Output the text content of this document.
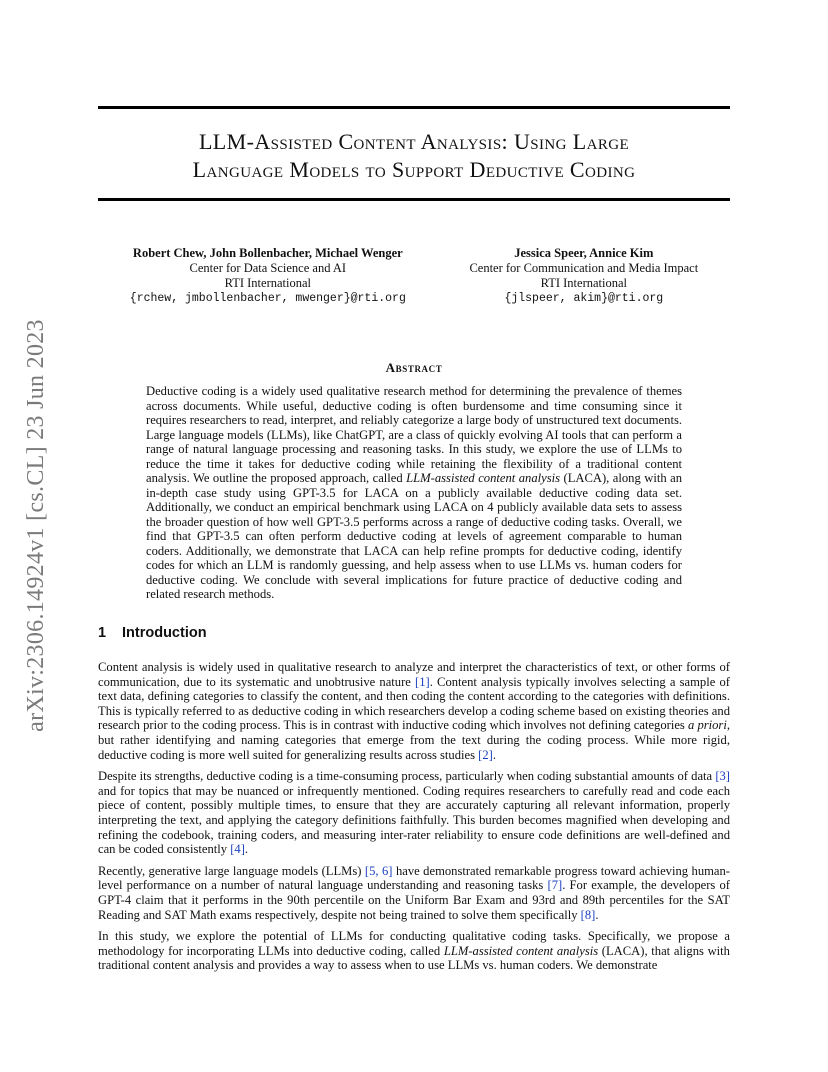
arXiv:2306.14924v1 [cs.CL] 23 Jun 2023
LLM-Assisted Content Analysis: Using Large
Language Models to Support Deductive Coding
Robert Chew, John Bollenbacher, Michael Wenger
Center for Data Science and AI
RTI International
{rchew, jmbollenbacher, mwenger}@rti.org
Jessica Speer, Annice Kim
Center for Communication and Media Impact
RTI International
{jlspeer, akim}@rti.org
Abstract

Deductive coding is a widely used qualitative research method for determining the prevalence of themes across documents. While useful, deductive coding is often burdensome and time consuming since it requires researchers to read, interpret, and reliably categorize a large body of unstructured text documents. Large language models (LLMs), like ChatGPT, are a class of quickly evolving AI tools that can perform a range of natural language processing and reasoning tasks. In this study, we explore the use of LLMs to reduce the time it takes for deductive coding while retaining the flexibility of a traditional content analysis. We outline the proposed approach, called LLM-assisted content analysis (LACA), along with an in-depth case study using GPT-3.5 for LACA on a publicly available deductive coding data set. Additionally, we conduct an empirical benchmark using LACA on 4 publicly available data sets to assess the broader question of how well GPT-3.5 performs across a range of deductive coding tasks. Overall, we find that GPT-3.5 can often perform deductive coding at levels of agreement comparable to human coders. Additionally, we demonstrate that LACA can help refine prompts for deductive coding, identify codes for which an LLM is randomly guessing, and help assess when to use LLMs vs. human coders for deductive coding. We conclude with several implications for future practice of deductive coding and related research methods.

1 Introduction

Content analysis is widely used in qualitative research to analyze and interpret the characteristics of text, or other forms of communication, due to its systematic and unobtrusive nature [1]. Content analysis typically involves selecting a sample of text data, defining categories to classify the content, and then coding the content according to the categories with definitions. This is typically referred to as deductive coding in which researchers develop a coding scheme based on existing theories and research prior to the coding process. This is in contrast with inductive coding which involves not defining categories a priori, but rather identifying and naming categories that emerge from the text during the coding process. While more rigid, deductive coding is more well suited for generalizing results across studies [2].

Despite its strengths, deductive coding is a time-consuming process, particularly when coding substantial amounts of data [3] and for topics that may be nuanced or infrequently mentioned. Coding requires researchers to carefully read and code each piece of content, possibly multiple times, to ensure that they are accurately capturing all relevant information, properly interpreting the text, and applying the category definitions faithfully. This burden becomes magnified when developing and refining the codebook, training coders, and measuring inter-rater reliability to ensure code definitions are well-defined and can be coded consistently [4].

Recently, generative large language models (LLMs) [5, 6] have demonstrated remarkable progress toward achieving human-level performance on a number of natural language understanding and reasoning tasks [7]. For example, the developers of GPT-4 claim that it performs in the 90th percentile on the Uniform Bar Exam and 93rd and 89th percentiles for the SAT Reading and SAT Math exams respectively, despite not being trained to solve them specifically [8].

In this study, we explore the potential of LLMs for conducting qualitative coding tasks. Specifically, we propose a methodology for incorporating LLMs into deductive coding, called LLM-assisted content analysis (LACA), that aligns with traditional content analysis and provides a way to assess when to use LLMs vs. human coders. We demonstrate
